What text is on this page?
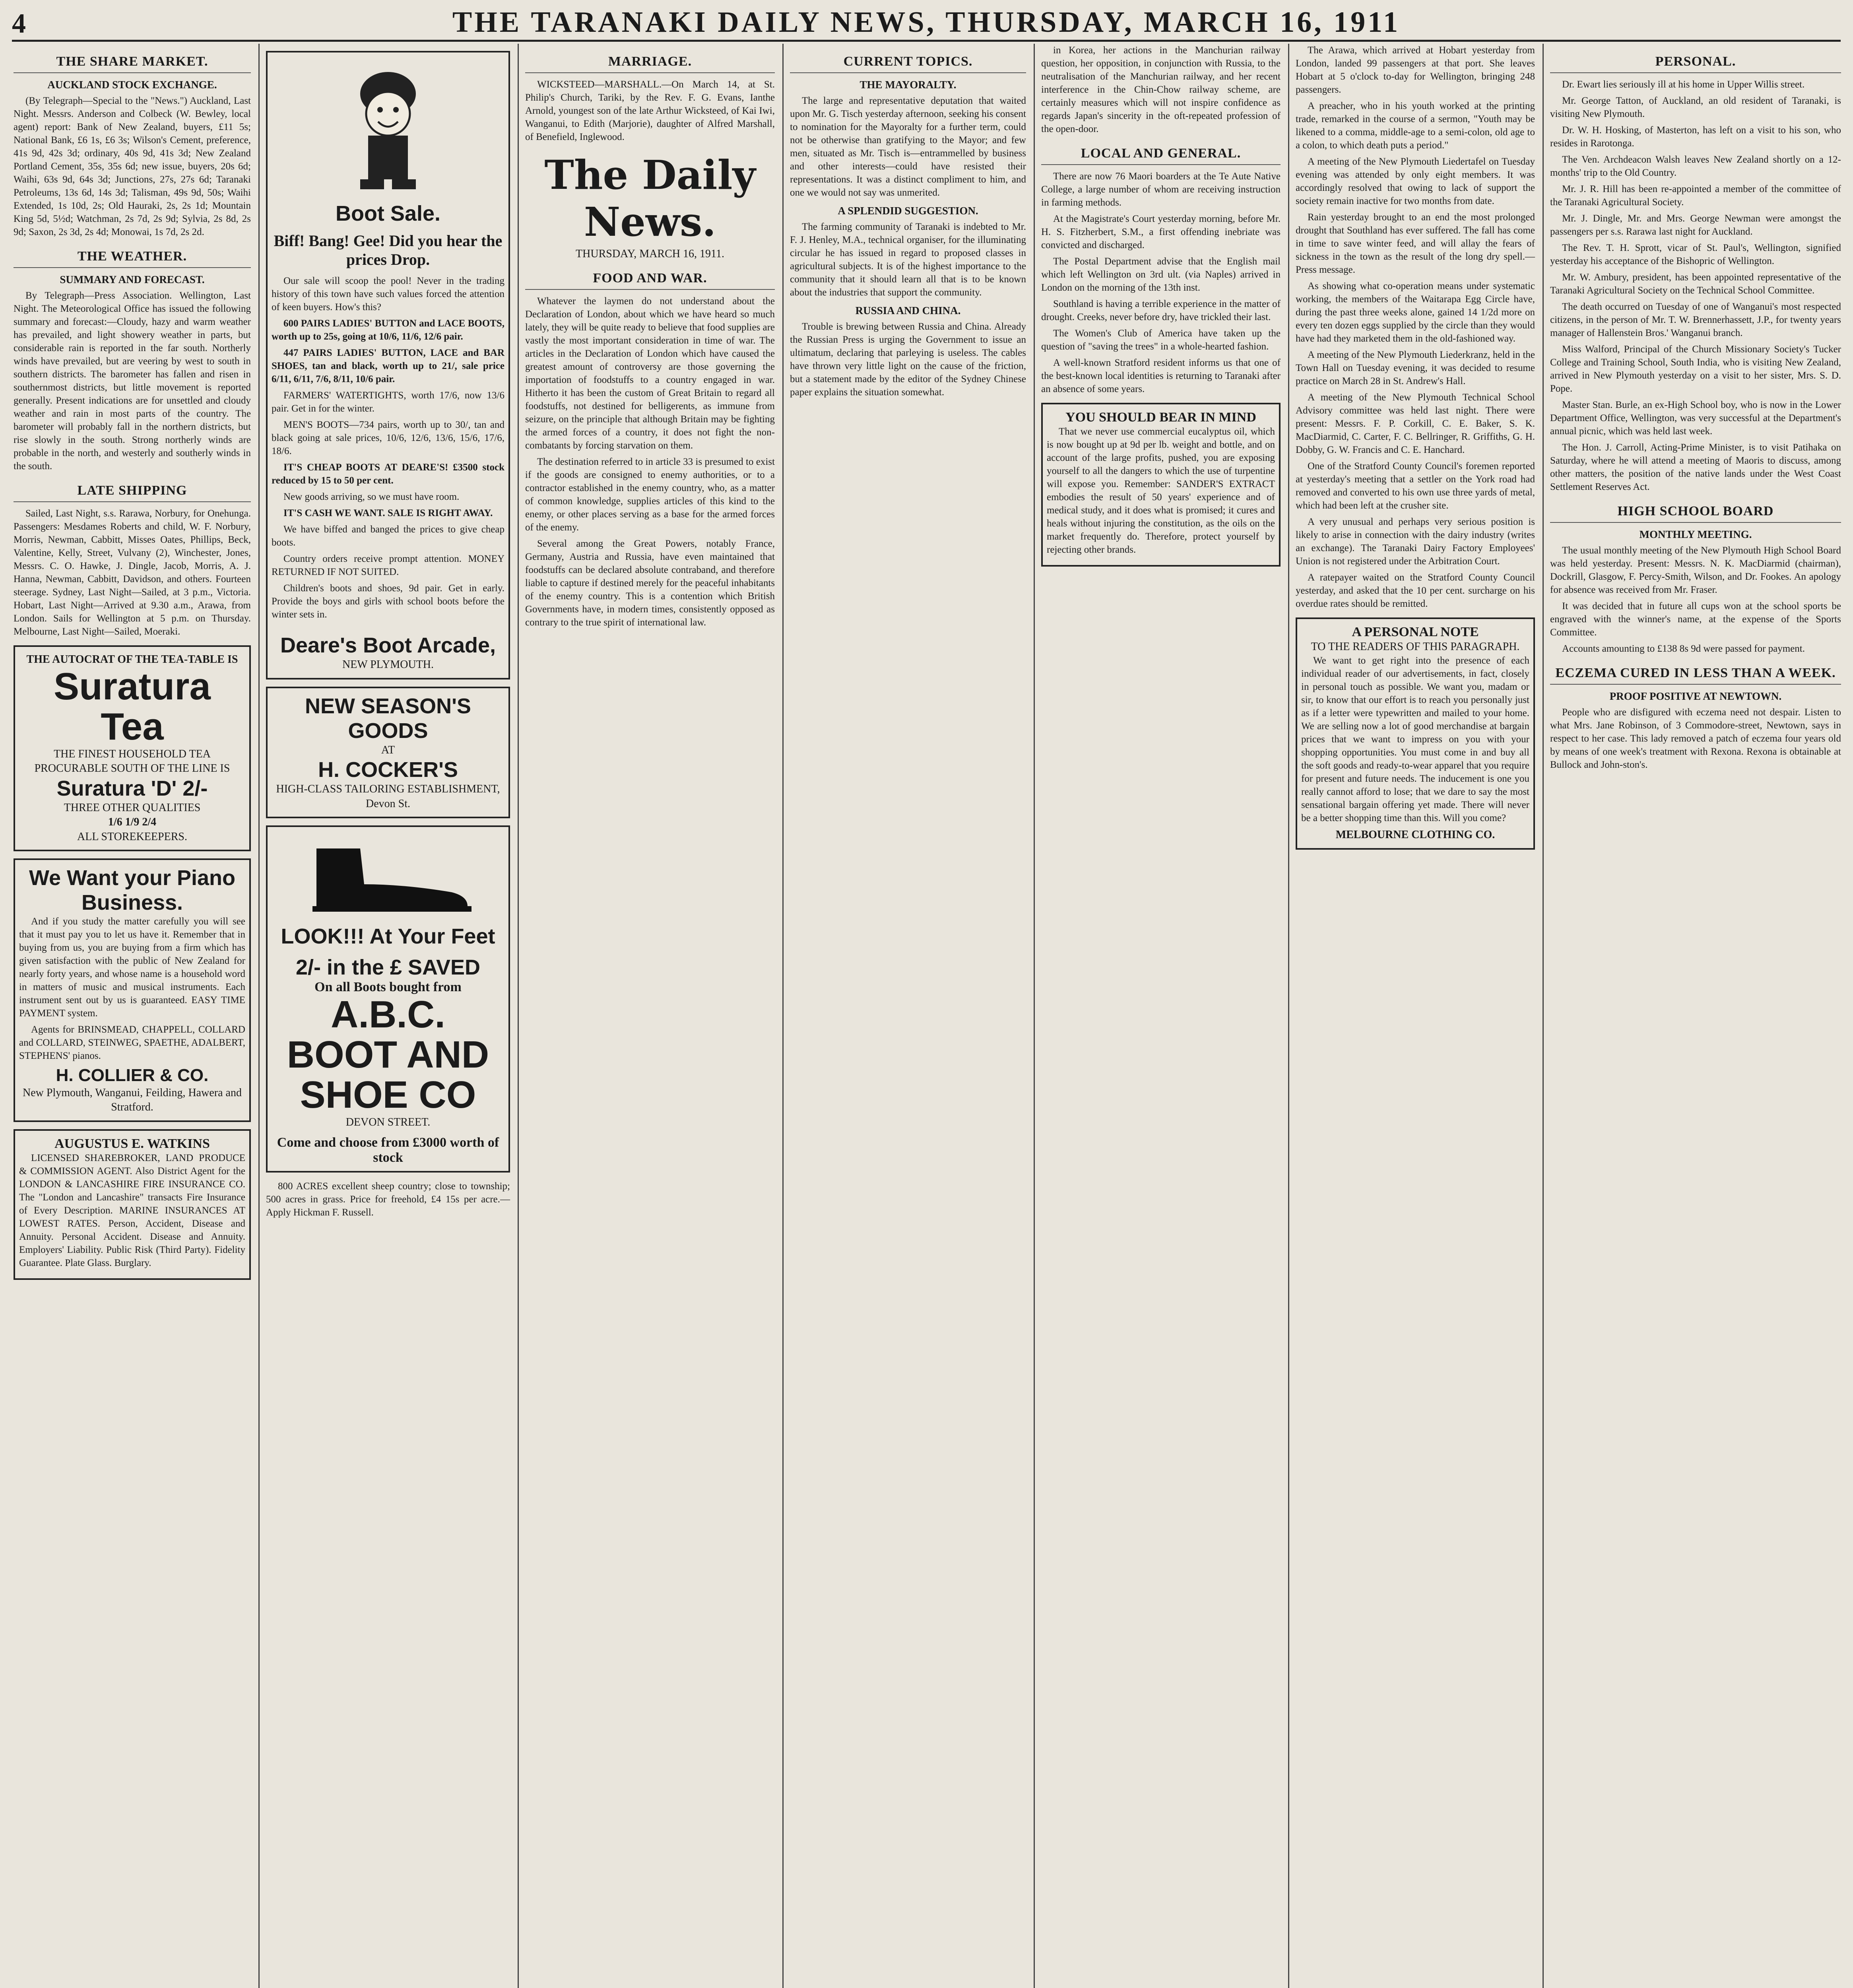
4	THE TARANAKI DAILY NEWS, THURSDAY, MARCH 16, 1911
THE SHARE MARKET.
AUCKLAND STOCK EXCHANGE.

(By Telegraph—Special to the "News.") Auckland, Last Night. Messrs. Anderson and Colbeck (W. Bewley, local agent) report: Bank of New Zealand, buyers, £11 5s; National Bank, £6 1s, £6 3s; Wilson's Cement, preference, 41s 9d, 42s 3d; ordinary, 40s 9d, 41s 3d; New Zealand Portland Cement, 35s, 35s 6d; new issue, buyers, 20s 6d; Waihi, 63s 9d, 64s 3d; Junctions, 27s, 27s 6d; Taranaki Petroleums, 13s 6d, 14s 3d; Talisman, 49s 9d, 50s; Waihi Extended, 1s 10d, 2s; Old Hauraki, 2s, 2s 1d; Mountain King 5d, 5½d; Watchman, 2s 7d, 2s 9d; Sylvia, 2s 8d, 2s 9d; Saxon, 2s 3d, 2s 4d; Monowai, 1s 7d, 2s 2d.

THE WEATHER.
SUMMARY AND FORECAST.

By Telegraph—Press Association. Wellington, Last Night. The Meteorological Office has issued the following summary and forecast:—Cloudy, hazy and warm weather has prevailed, and light showery weather in parts, but considerable rain is reported in the far south. Northerly winds have prevailed, but are veering by west to south in southern districts. The barometer has fallen and risen in southernmost districts, but little movement is reported generally. Present indications are for unsettled and cloudy weather and rain in most parts of the country. The barometer will probably fall in the northern districts, but rise slowly in the south. Strong northerly winds are probable in the north, and westerly and southerly winds in the south.

LATE SHIPPING

Sailed, Last Night, s.s. Rarawa, Norbury, for Onehunga. Passengers: Mesdames Roberts and child, W. F. Norbury, Morris, Newman, Cabbitt, Misses Oates, Phillips, Beck, Valentine, Kelly, Street, Vulvany (2), Winchester, Jones, Messrs. C. O. Hawke, J. Dingle, Jacob, Morris, A. J. Hanna, Newman, Cabbitt, Davidson, and others. Fourteen steerage. Sydney, Last Night—Sailed, at 3 p.m., Victoria. Hobart, Last Night—Arrived at 9.30 a.m., Arawa, from London. Sails for Wellington at 5 p.m. on Thursday. Melbourne, Last Night—Sailed, Moeraki.

THE AUTOCRAT OF THE TEA-TABLE IS
Suratura Tea
THE FINEST HOUSEHOLD TEA PROCURABLE SOUTH OF THE LINE IS
Suratura 'D' 2/-
THREE OTHER QUALITIES
1/6 1/9 2/4
ALL STOREKEEPERS.
We Want your Piano Business.

And if you study the matter carefully you will see that it must pay you to let us have it. Remember that in buying from us, you are buying from a firm which has given satisfaction with the public of New Zealand for nearly forty years, and whose name is a household word in matters of music and musical instruments. Each instrument sent out by us is guaranteed. EASY TIME PAYMENT system.

Agents for BRINSMEAD, CHAPPELL, COLLARD and COLLARD, STEINWEG, SPAETHE, ADALBERT, STEPHENS' pianos.

H. COLLIER & CO.
New Plymouth, Wanganui, Feilding, Hawera and Stratford.
AUGUSTUS E. WATKINS

LICENSED SHAREBROKER, LAND PRODUCE & COMMISSION AGENT. Also District Agent for the LONDON & LANCASHIRE FIRE INSURANCE CO. The "London and Lancashire" transacts Fire Insurance of Every Description. MARINE INSURANCES AT LOWEST RATES. Person, Accident, Disease and Annuity. Personal Accident. Disease and Annuity. Employers' Liability. Public Risk (Third Party). Fidelity Guarantee. Plate Glass. Burglary.

Boot Sale.
Biff! Bang! Gee! Did you hear the prices Drop.

Our sale will scoop the pool! Never in the trading history of this town have such values forced the attention of keen buyers. How's this?

600 PAIRS LADIES' BUTTON and LACE BOOTS, worth up to 25s, going at 10/6, 11/6, 12/6 pair.

447 PAIRS LADIES' BUTTON, LACE and BAR SHOES, tan and black, worth up to 21/, sale price 6/11, 6/11, 7/6, 8/11, 10/6 pair.

FARMERS' WATERTIGHTS, worth 17/6, now 13/6 pair. Get in for the winter.

MEN'S BOOTS—734 pairs, worth up to 30/, tan and black going at sale prices, 10/6, 12/6, 13/6, 15/6, 17/6, 18/6.

IT'S CHEAP BOOTS AT DEARE'S! £3500 stock reduced by 15 to 50 per cent.

New goods arriving, so we must have room.

IT'S CASH WE WANT. SALE IS RIGHT AWAY.

We have biffed and banged the prices to give cheap boots.

Country orders receive prompt attention. MONEY RETURNED IF NOT SUITED.

Children's boots and shoes, 9d pair. Get in early. Provide the boys and girls with school boots before the winter sets in.

Deare's Boot Arcade,
NEW PLYMOUTH.
NEW SEASON'S GOODS
AT
H. COCKER'S
HIGH-CLASS TAILORING ESTABLISHMENT, Devon St.
LOOK!!! At Your Feet
2/- in the £ SAVED
On all Boots bought from
A.B.C. BOOT AND SHOE CO
DEVON STREET.
Come and choose from £3000 worth of stock

800 ACRES excellent sheep country; close to township; 500 acres in grass. Price for freehold, £4 15s per acre.—Apply Hickman F. Russell.

MARRIAGE.

WICKSTEED—MARSHALL.—On March 14, at St. Philip's Church, Tariki, by the Rev. F. G. Evans, Ianthe Arnold, youngest son of the late Arthur Wicksteed, of Kai Iwi, Wanganui, to Edith (Marjorie), daughter of Alfred Marshall, of Benefield, Inglewood.

The Daily News.
THURSDAY, MARCH 16, 1911.
FOOD AND WAR.

Whatever the laymen do not understand about the Declaration of London, about which we have heard so much lately, they will be quite ready to believe that food supplies are vastly the most important consideration in time of war. The articles in the Declaration of London which have caused the greatest amount of controversy are those governing the importation of foodstuffs to a country engaged in war. Hitherto it has been the custom of Great Britain to regard all foodstuffs, not destined for belligerents, as immune from seizure, on the principle that although Britain may be fighting the armed forces of a country, it does not fight the non-combatants by forcing starvation on them.

The destination referred to in article 33 is presumed to exist if the goods are consigned to enemy authorities, or to a contractor established in the enemy country, who, as a matter of common knowledge, supplies articles of this kind to the enemy, or other places serving as a base for the armed forces of the enemy.

Several among the Great Powers, notably France, Germany, Austria and Russia, have even maintained that foodstuffs can be declared absolute contraband, and therefore liable to capture if destined merely for the peaceful inhabitants of the enemy country. This is a contention which British Governments have, in modern times, consistently opposed as contrary to the true spirit of international law.

CURRENT TOPICS.
THE MAYORALTY.

The large and representative deputation that waited upon Mr. G. Tisch yesterday afternoon, seeking his consent to nomination for the Mayoralty for a further term, could not be otherwise than gratifying to the Mayor; and few men, situated as Mr. Tisch is—entrammelled by business and other interests—could have resisted their representations. It was a distinct compliment to him, and one we would not say was unmerited.

A SPLENDID SUGGESTION.

The farming community of Taranaki is indebted to Mr. F. J. Henley, M.A., technical organiser, for the illuminating circular he has issued in regard to proposed classes in agricultural subjects. It is of the highest importance to the community that it should learn all that is to be known about the industries that support the community.

RUSSIA AND CHINA.

Trouble is brewing between Russia and China. Already the Russian Press is urging the Government to issue an ultimatum, declaring that parleying is useless. The cables have thrown very little light on the cause of the friction, but a statement made by the editor of the Sydney Chinese paper explains the situation somewhat.

in Korea, her actions in the Manchurian railway question, her opposition, in conjunction with Russia, to the neutralisation of the Manchurian railway, and her recent interference in the Chin-Chow railway scheme, are certainly measures which will not inspire confidence as regards Japan's sincerity in the oft-repeated profession of the open-door.

LOCAL AND GENERAL.

There are now 76 Maori boarders at the Te Aute Native College, a large number of whom are receiving instruction in farming methods.

At the Magistrate's Court yesterday morning, before Mr. H. S. Fitzherbert, S.M., a first offending inebriate was convicted and discharged.

The Postal Department advise that the English mail which left Wellington on 3rd ult. (via Naples) arrived in London on the morning of the 13th inst.

Southland is having a terrible experience in the matter of drought. Creeks, never before dry, have trickled their last.

The Women's Club of America have taken up the question of "saving the trees" in a whole-hearted fashion.

A well-known Stratford resident informs us that one of the best-known local identities is returning to Taranaki after an absence of some years.

YOU SHOULD BEAR IN MIND

That we never use commercial eucalyptus oil, which is now bought up at 9d per lb. weight and bottle, and on account of the large profits, pushed, you are exposing yourself to all the dangers to which the use of turpentine will expose you. Remember: SANDER'S EXTRACT embodies the result of 50 years' experience and of medical study, and it does what is promised; it cures and heals without injuring the constitution, as the oils on the market frequently do. Therefore, protect yourself by rejecting other brands.

The Arawa, which arrived at Hobart yesterday from London, landed 99 passengers at that port. She leaves Hobart at 5 o'clock to-day for Wellington, bringing 248 passengers.

A preacher, who in his youth worked at the printing trade, remarked in the course of a sermon, "Youth may be likened to a comma, middle-age to a semi-colon, old age to a colon, to which death puts a period."

A meeting of the New Plymouth Liedertafel on Tuesday evening was attended by only eight members. It was accordingly resolved that owing to lack of support the society remain inactive for two months from date.

Rain yesterday brought to an end the most prolonged drought that Southland has ever suffered. The fall has come in time to save winter feed, and will allay the fears of sickness in the town as the result of the long dry spell.—Press message.

As showing what co-operation means under systematic working, the members of the Waitarapa Egg Circle have, during the past three weeks alone, gained 14 1/2d more on every ten dozen eggs supplied by the circle than they would have had they marketed them in the old-fashioned way.

A meeting of the New Plymouth Liederkranz, held in the Town Hall on Tuesday evening, it was decided to resume practice on March 28 in St. Andrew's Hall.

A meeting of the New Plymouth Technical School Advisory committee was held last night. There were present: Messrs. F. P. Corkill, C. E. Baker, S. K. MacDiarmid, C. Carter, F. C. Bellringer, R. Griffiths, G. H. Dobby, G. W. Francis and C. E. Hanchard.

One of the Stratford County Council's foremen reported at yesterday's meeting that a settler on the York road had removed and converted to his own use three yards of metal, which had been left at the crusher site.

A very unusual and perhaps very serious position is likely to arise in connection with the dairy industry (writes an exchange). The Taranaki Dairy Factory Employees' Union is not registered under the Arbitration Court.

A ratepayer waited on the Stratford County Council yesterday, and asked that the 10 per cent. surcharge on his overdue rates should be remitted.

A PERSONAL NOTE
TO THE READERS OF THIS PARAGRAPH.

We want to get right into the presence of each individual reader of our advertisements, in fact, closely in personal touch as possible. We want you, madam or sir, to know that our effort is to reach you personally just as if a letter were typewritten and mailed to your home. We are selling now a lot of good merchandise at bargain prices that we want to impress on you with your shopping opportunities. You must come in and buy all the soft goods and ready-to-wear apparel that you require for present and future needs. The inducement is one you really cannot afford to lose; that we dare to say the most sensational bargain offering yet made. There will never be a better shopping time than this. Will you come?

MELBOURNE CLOTHING CO.
PERSONAL.

Dr. Ewart lies seriously ill at his home in Upper Willis street.

Mr. George Tatton, of Auckland, an old resident of Taranaki, is visiting New Plymouth.

Dr. W. H. Hosking, of Masterton, has left on a visit to his son, who resides in Rarotonga.

The Ven. Archdeacon Walsh leaves New Zealand shortly on a 12-months' trip to the Old Country.

Mr. J. R. Hill has been re-appointed a member of the committee of the Taranaki Agricultural Society.

Mr. J. Dingle, Mr. and Mrs. George Newman were amongst the passengers per s.s. Rarawa last night for Auckland.

The Rev. T. H. Sprott, vicar of St. Paul's, Wellington, signified yesterday his acceptance of the Bishopric of Wellington.

Mr. W. Ambury, president, has been appointed representative of the Taranaki Agricultural Society on the Technical School Committee.

The death occurred on Tuesday of one of Wanganui's most respected citizens, in the person of Mr. T. W. Brennerhassett, J.P., for twenty years manager of Hallenstein Bros.' Wanganui branch.

Miss Walford, Principal of the Church Missionary Society's Tucker College and Training School, South India, who is visiting New Zealand, arrived in New Plymouth yesterday on a visit to her sister, Mrs. S. D. Pope.

Master Stan. Burle, an ex-High School boy, who is now in the Lower Department Office, Wellington, was very successful at the Department's annual picnic, which was held last week.

The Hon. J. Carroll, Acting-Prime Minister, is to visit Patihaka on Saturday, where he will attend a meeting of Maoris to discuss, among other matters, the position of the native lands under the West Coast Settlement Reserves Act.

HIGH SCHOOL BOARD
MONTHLY MEETING.

The usual monthly meeting of the New Plymouth High School Board was held yesterday. Present: Messrs. N. K. MacDiarmid (chairman), Dockrill, Glasgow, F. Percy-Smith, Wilson, and Dr. Fookes. An apology for absence was received from Mr. Fraser.

It was decided that in future all cups won at the school sports be engraved with the winner's name, at the expense of the Sports Committee.

Accounts amounting to £138 8s 9d were passed for payment.

ECZEMA CURED IN LESS THAN A WEEK.
PROOF POSITIVE AT NEWTOWN.

People who are disfigured with eczema need not despair. Listen to what Mrs. Jane Robinson, of 3 Commodore-street, Newtown, says in respect to her case. This lady removed a patch of eczema four years old by means of one week's treatment with Rexona. Rexona is obtainable at Bullock and John-ston's.
